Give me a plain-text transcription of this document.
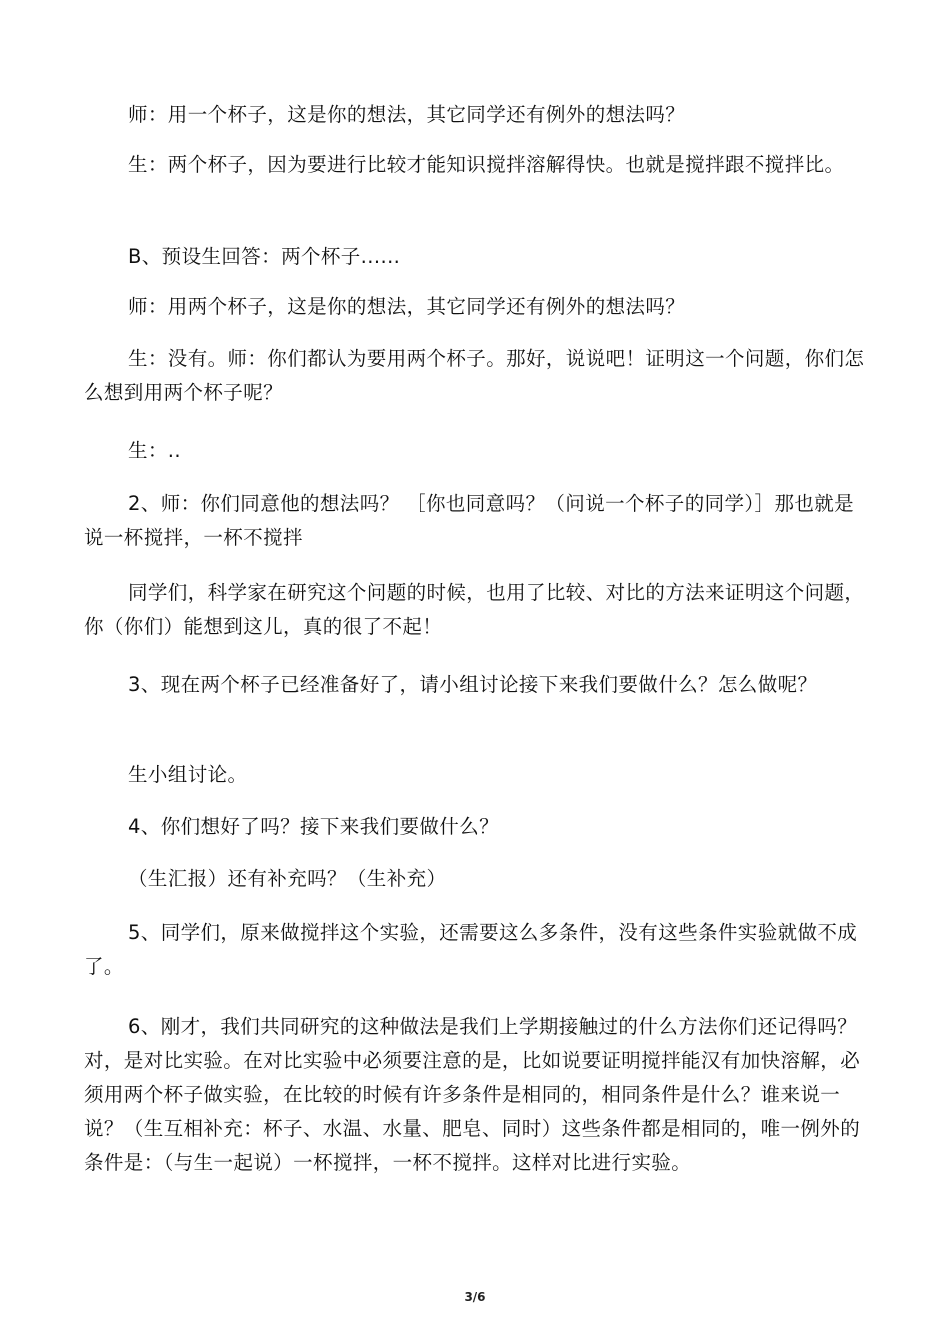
师：用一个杯子，这是你的想法，其它同学还有例外的想法吗？

生：两个杯子，因为要进行比较才能知识搅拌溶解得快。也就是搅拌跟不搅拌比。

B、预设生回答：两个杯子......

师：用两个杯子，这是你的想法，其它同学还有例外的想法吗？

生：没有。师：你们都认为要用两个杯子。那好，说说吧！证明这一个问题，你们怎么想到用两个杯子呢？

生：..

2、师：你们同意他的想法吗？ ［你也同意吗？（问说一个杯子的同学）］那也就是说一杯搅拌，一杯不搅拌

同学们，科学家在研究这个问题的时候，也用了比较、对比的方法来证明这个问题，你（你们）能想到这儿，真的很了不起！

3、现在两个杯子已经准备好了，请小组讨论接下来我们要做什么？怎么做呢？

生小组讨论。

4、你们想好了吗？接下来我们要做什么？

（生汇报）还有补充吗？（生补充）

5、同学们，原来做搅拌这个实验，还需要这么多条件，没有这些条件实验就做不成了。

6、刚才，我们共同研究的这种做法是我们上学期接触过的什么方法你们还记得吗？对，是对比实验。在对比实验中必须要注意的是，比如说要证明搅拌能汉有加快溶解，必须用两个杯子做实验，在比较的时候有许多条件是相同的，相同条件是什么？谁来说一说？（生互相补充：杯子、水温、水量、肥皂、同时）这些条件都是相同的，唯一例外的条件是：（与生一起说）一杯搅拌，一杯不搅拌。这样对比进行实验。

3/6
